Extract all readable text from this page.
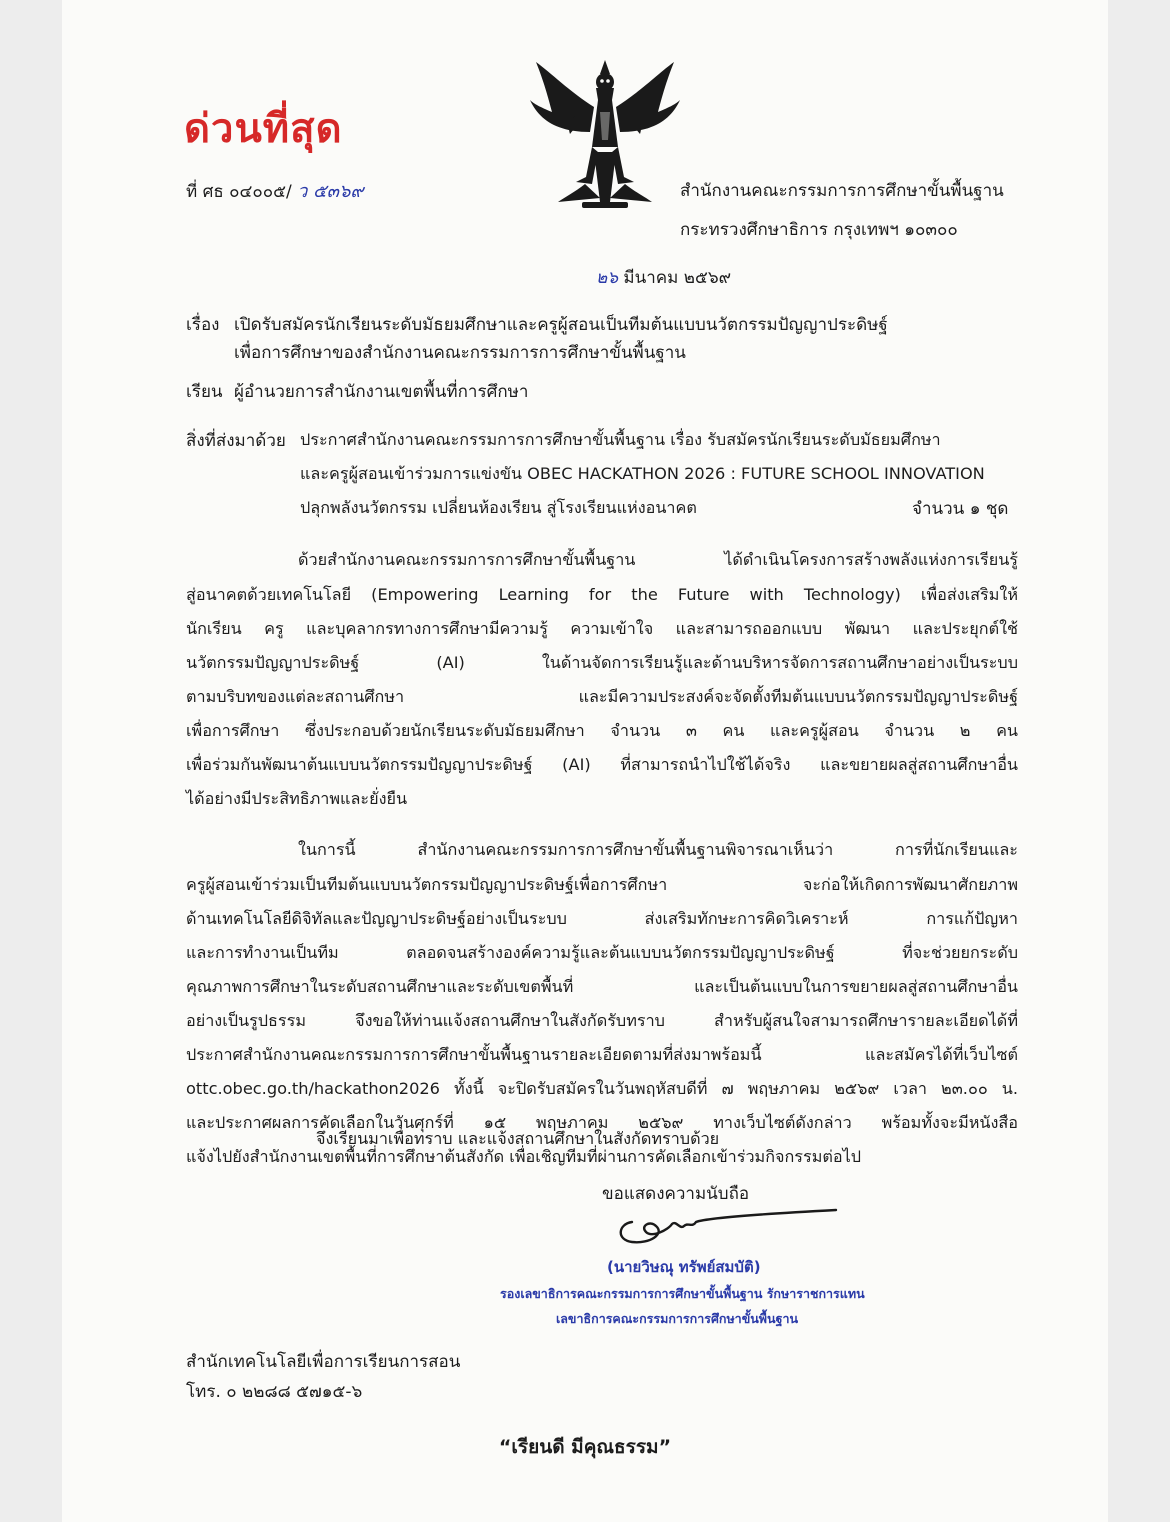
ด่วนที่สุด
ที่ ศธ ๐๔๐๐๕/ ว ๕๓๖๙	สำนักงานคณะกรรมการการศึกษาขั้นพื้นฐาน
กระทรวงศึกษาธิการ กรุงเทพฯ ๑๐๓๐๐
๒๖ มีนาคม ๒๕๖๙
เรื่อง เปิดรับสมัครนักเรียนระดับมัธยมศึกษาและครูผู้สอนเป็นทีมต้นแบบนวัตกรรมปัญญาประดิษฐ์
เพื่อการศึกษาของสำนักงานคณะกรรมการการศึกษาขั้นพื้นฐาน
เรียน ผู้อำนวยการสำนักงานเขตพื้นที่การศึกษา
สิ่งที่ส่งมาด้วย ประกาศสำนักงานคณะกรรมการการศึกษาขั้นพื้นฐาน เรื่อง รับสมัครนักเรียนระดับมัธยมศึกษา
และครูผู้สอนเข้าร่วมการแข่งขัน OBEC HACKATHON 2026 : FUTURE SCHOOL INNOVATION
ปลุกพลังนวัตกรรม เปลี่ยนห้องเรียน สู่โรงเรียนแห่งอนาคต	จำนวน ๑ ชุด
ด้วยสำนักงานคณะกรรมการการศึกษาขั้นพื้นฐาน ได้ดำเนินโครงการสร้างพลังแห่งการเรียนรู้
สู่อนาคตด้วยเทคโนโลยี (Empowering Learning for the Future with Technology) เพื่อส่งเสริมให้
นักเรียน ครู และบุคลากรทางการศึกษามีความรู้ ความเข้าใจ และสามารถออกแบบ พัฒนา และประยุกต์ใช้
นวัตกรรมปัญญาประดิษฐ์ (AI) ในด้านจัดการเรียนรู้และด้านบริหารจัดการสถานศึกษาอย่างเป็นระบบ
ตามบริบทของแต่ละสถานศึกษา และมีความประสงค์จะจัดตั้งทีมต้นแบบนวัตกรรมปัญญาประดิษฐ์
เพื่อการศึกษา ซึ่งประกอบด้วยนักเรียนระดับมัธยมศึกษา จำนวน ๓ คน และครูผู้สอน จำนวน ๒ คน
เพื่อร่วมกันพัฒนาต้นแบบนวัตกรรมปัญญาประดิษฐ์ (AI) ที่สามารถนำไปใช้ได้จริง และขยายผลสู่สถานศึกษาอื่น
ได้อย่างมีประสิทธิภาพและยั่งยืน
ในการนี้ สำนักงานคณะกรรมการการศึกษาขั้นพื้นฐานพิจารณาเห็นว่า การที่นักเรียนและ
ครูผู้สอนเข้าร่วมเป็นทีมต้นแบบนวัตกรรมปัญญาประดิษฐ์เพื่อการศึกษา จะก่อให้เกิดการพัฒนาศักยภาพ
ด้านเทคโนโลยีดิจิทัลและปัญญาประดิษฐ์อย่างเป็นระบบ ส่งเสริมทักษะการคิดวิเคราะห์ การแก้ปัญหา
และการทำงานเป็นทีม ตลอดจนสร้างองค์ความรู้และต้นแบบนวัตกรรมปัญญาประดิษฐ์ ที่จะช่วยยกระดับ
คุณภาพการศึกษาในระดับสถานศึกษาและระดับเขตพื้นที่ และเป็นต้นแบบในการขยายผลสู่สถานศึกษาอื่น
อย่างเป็นรูปธรรม จึงขอให้ท่านแจ้งสถานศึกษาในสังกัดรับทราบ สำหรับผู้สนใจสามารถศึกษารายละเอียดได้ที่
ประกาศสำนักงานคณะกรรมการการศึกษาขั้นพื้นฐานรายละเอียดตามที่ส่งมาพร้อมนี้ และสมัครได้ที่เว็บไซต์
ottc.obec.go.th/hackathon2026 ทั้งนี้ จะปิดรับสมัครในวันพฤหัสบดีที่ ๗ พฤษภาคม ๒๕๖๙ เวลา ๒๓.๐๐ น.
และประกาศผลการคัดเลือกในวันศุกร์ที่ ๑๕ พฤษภาคม ๒๕๖๙ ทางเว็บไซต์ดังกล่าว พร้อมทั้งจะมีหนังสือ
แจ้งไปยังสำนักงานเขตพื้นที่การศึกษาต้นสังกัด เพื่อเชิญทีมที่ผ่านการคัดเลือกเข้าร่วมกิจกรรมต่อไป
จึงเรียนมาเพื่อทราบ และแจ้งสถานศึกษาในสังกัดทราบด้วย
ขอแสดงความนับถือ
(นายวิษณุ ทรัพย์สมบัติ)
รองเลขาธิการคณะกรรมการการศึกษาขั้นพื้นฐาน รักษาราชการแทน
เลขาธิการคณะกรรมการการศึกษาขั้นพื้นฐาน
สำนักเทคโนโลยีเพื่อการเรียนการสอน
โทร. ๐ ๒๒๘๘ ๕๗๑๕-๖
“เรียนดี มีคุณธรรม”
